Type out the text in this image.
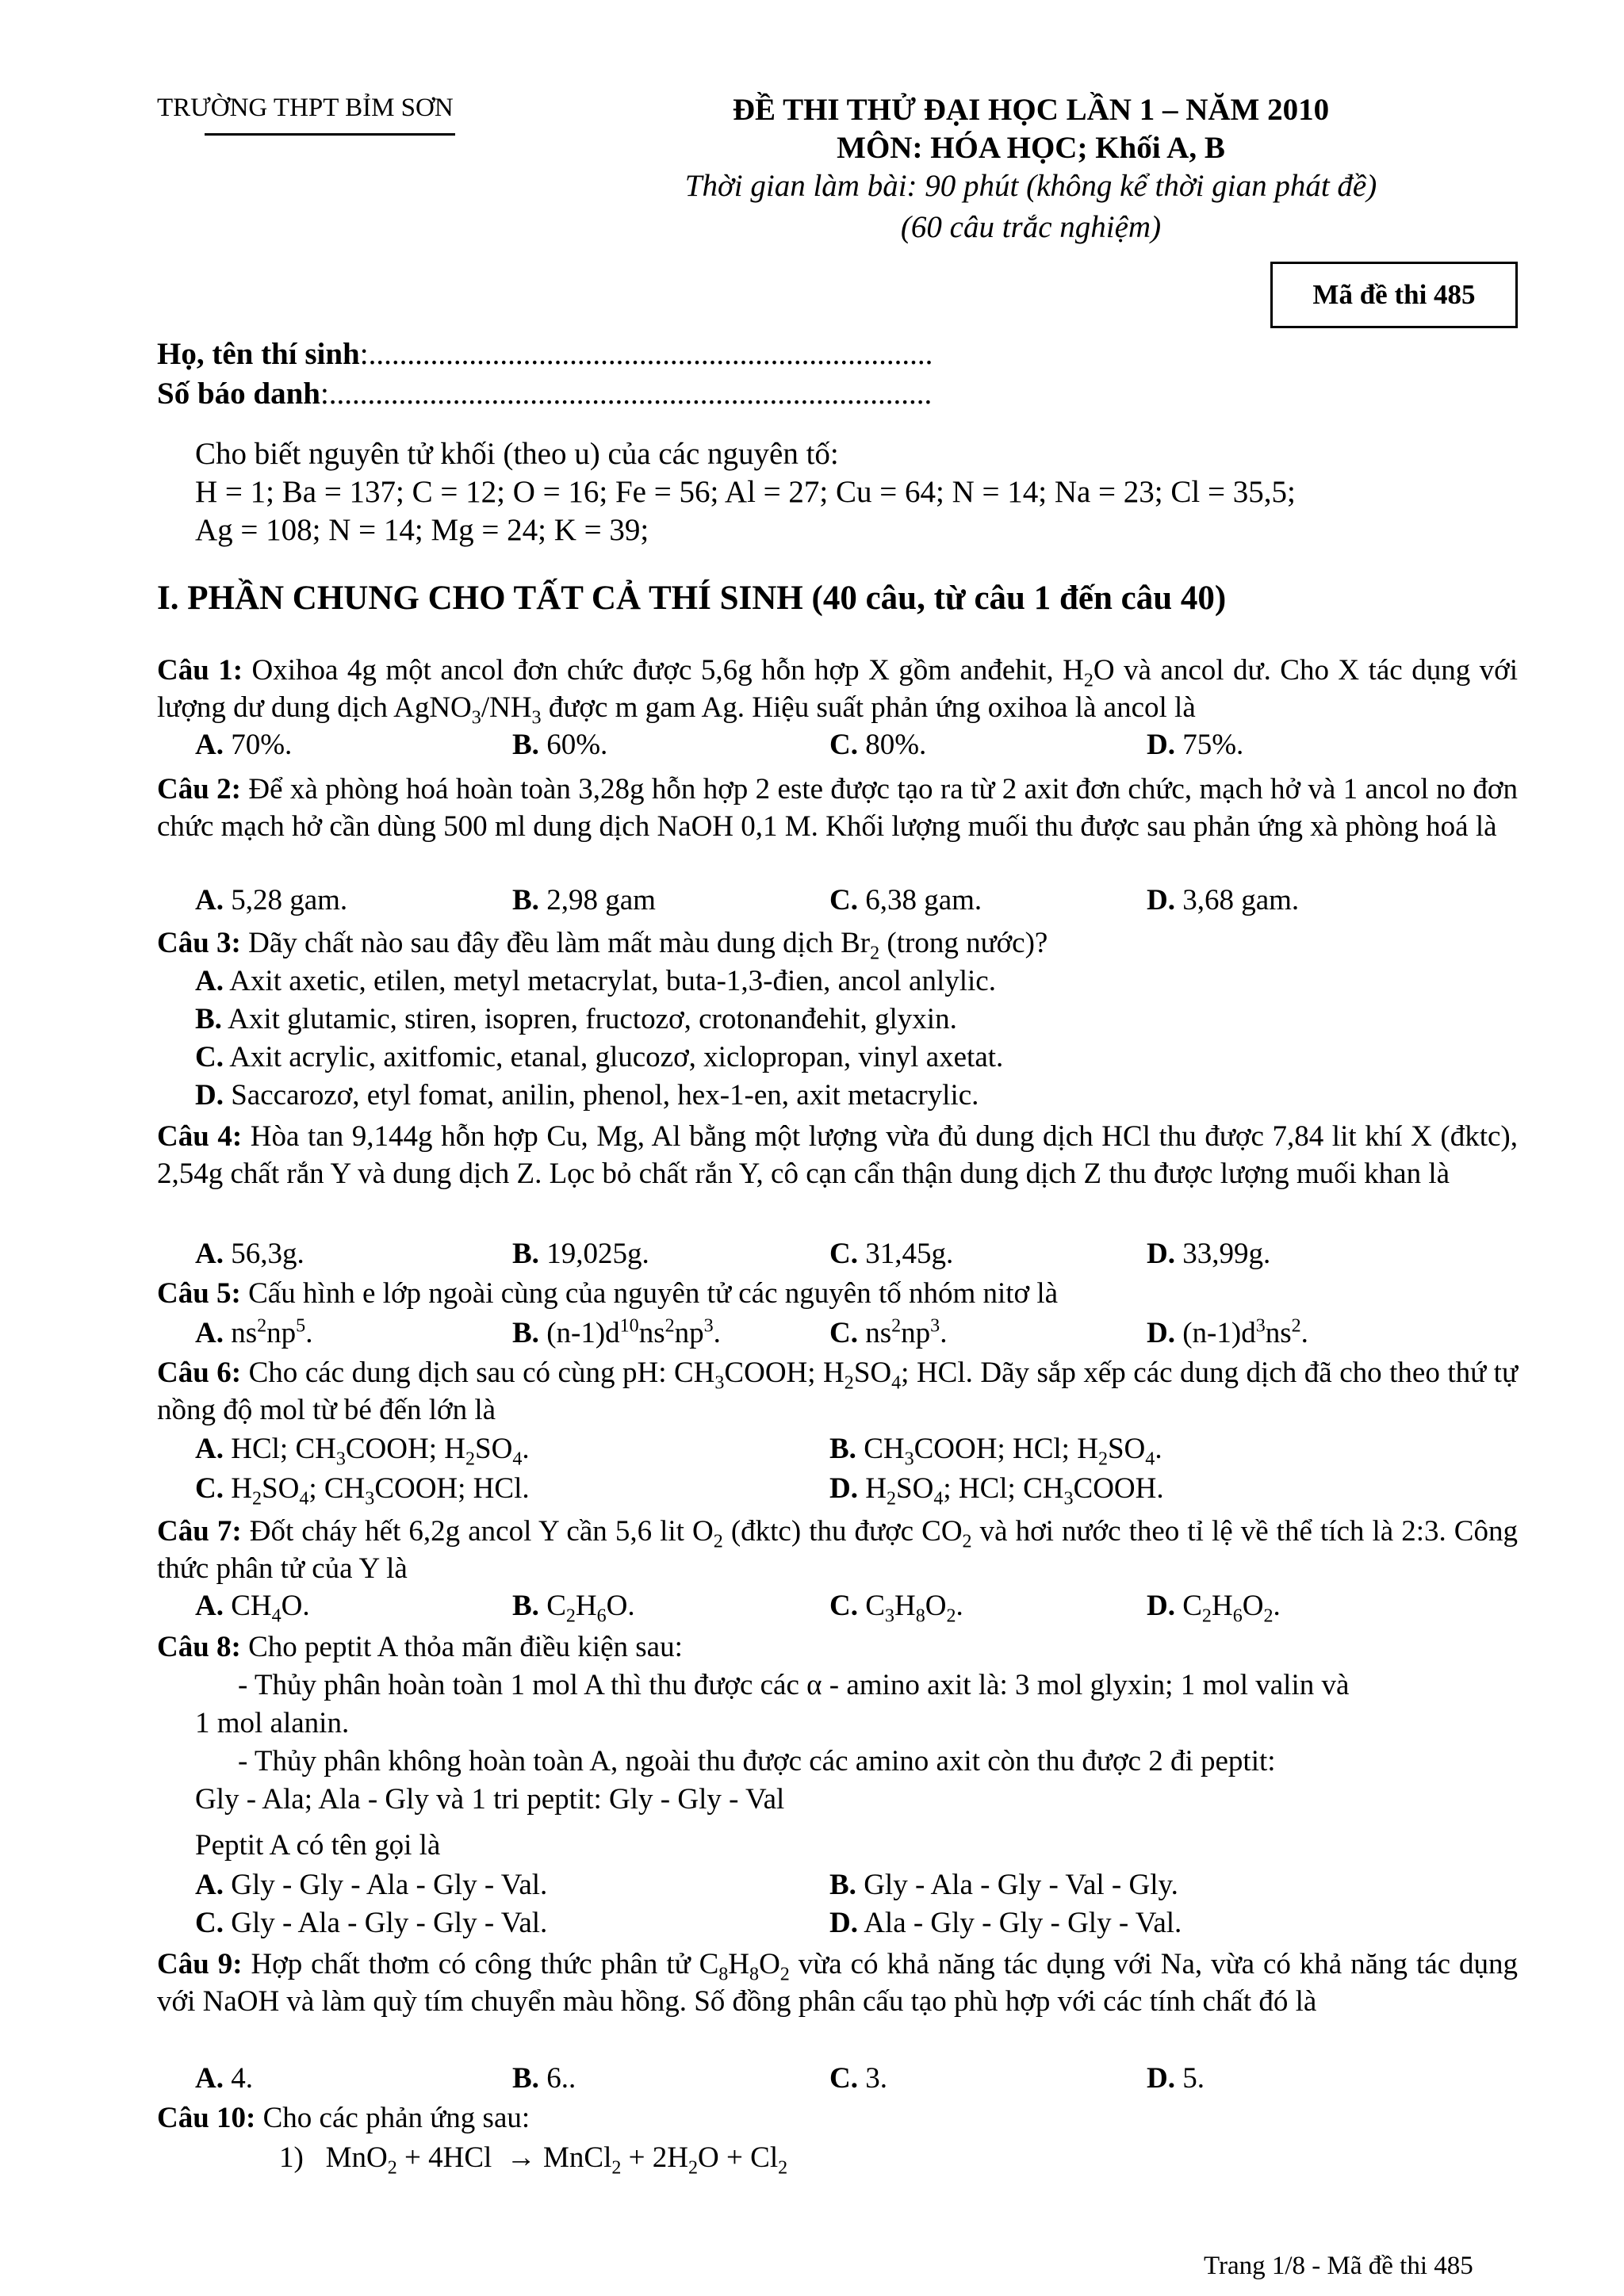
TRƯỜNG THPT BỈM SƠN	ĐỀ THI THỬ ĐẠI HỌC LẦN 1 – NĂM 2010
MÔN: HÓA HỌC; Khối A, B
Thời gian làm bài: 90 phút (không kể thời gian phát đề)
(60 câu trắc nghiệm)
Mã đề thi 485
Họ, tên thí sinh:.........................................................................
Số báo danh:..............................................................................
Cho biết nguyên tử khối (theo u) của các nguyên tố:
H = 1; Ba = 137; C = 12; O = 16; Fe = 56; Al = 27; Cu = 64; N = 14; Na = 23; Cl = 35,5;
Ag = 108; N = 14; Mg = 24; K = 39;
I. PHẦN CHUNG CHO TẤT CẢ THÍ SINH (40 câu, từ câu 1 đến câu 40)
Câu 1: Oxihoa 4g một ancol đơn chức được 5,6g hỗn hợp X gồm anđehit, $H_2O$ và ancol dư. Cho X tác dụng với lượng dư dung dịch $AgNO_3/NH_3$ được m gam Ag. Hiệu suất phản ứng oxihoa là ancol là
A. 70%.	B. 60%.	C. 80%.	D. 75%.
Câu 2: Để xà phòng hoá hoàn toàn 3,28g hỗn hợp 2 este được tạo ra từ 2 axit đơn chức, mạch hở và 1 ancol no đơn chức mạch hở cần dùng 500 ml dung dịch NaOH 0,1 M. Khối lượng muối thu được sau phản ứng xà phòng hoá là
A. 5,28 gam.	B. 2,98 gam	C. 6,38 gam.	D. 3,68 gam.
Câu 3: Dãy chất nào sau đây đều làm mất màu dung dịch $Br_2$ (trong nước)?
A. Axit axetic, etilen, metyl metacrylat, buta-1,3-đien, ancol anlylic.
B. Axit glutamic, stiren, isopren, fructozơ, crotonanđehit, glyxin.
C. Axit acrylic, axitfomic, etanal, glucozơ, xiclopropan, vinyl axetat.
D. Saccarozơ, etyl fomat, anilin, phenol, hex-1-en, axit metacrylic.
Câu 4: Hòa tan 9,144g hỗn hợp Cu, Mg, Al bằng một lượng vừa đủ dung dịch HCl thu được 7,84 lit khí X (đktc), 2,54g chất rắn Y và dung dịch Z. Lọc bỏ chất rắn Y, cô cạn cẩn thận dung dịch Z thu được lượng muối khan là
A. 56,3g.	B. 19,025g.	C. 31,45g.	D. 33,99g.
Câu 5: Cấu hình e lớp ngoài cùng của nguyên tử các nguyên tố nhóm nitơ là
A. $ns^2np^5$.	B. $(n-1)d^{10}ns^2np^3$.	C. $ns^2np^3$.	D. $(n-1)d^3ns^2$.
Câu 6: Cho các dung dịch sau có cùng pH: $CH_3COOH$; $H_2SO_4$; HCl. Dãy sắp xếp các dung dịch đã cho theo thứ tự nồng độ mol từ bé đến lớn là
A. HCl; $CH_3COOH$; $H_2SO_4$.	B. $CH_3COOH$; HCl; $H_2SO_4$.
C. $H_2SO_4$; $CH_3COOH$; HCl.	D. $H_2SO_4$; HCl; $CH_3COOH$.
Câu 7: Đốt cháy hết 6,2g ancol Y cần 5,6 lit $O_2$ (đktc) thu được $CO_2$ và hơi nước theo tỉ lệ về thể tích là 2:3. Công thức phân tử của Y là
A. $CH_4O$.	B. $C_2H_6O$.	C. $C_3H_8O_2$.	D. $C_2H_6O_2$.
Câu 8: Cho peptit A thỏa mãn điều kiện sau:
- Thủy phân hoàn toàn 1 mol A thì thu được các α - amino axit là: 3 mol glyxin; 1 mol valin và
1 mol alanin.
- Thủy phân không hoàn toàn A, ngoài thu được các amino axit còn thu được 2 đi peptit:
Gly - Ala; Ala - Gly và 1 tri peptit: Gly - Gly - Val
Peptit A có tên gọi là
A. Gly - Gly - Ala - Gly - Val.	B. Gly - Ala - Gly - Val - Gly.
C. Gly - Ala - Gly - Gly - Val.	D. Ala - Gly - Gly - Gly - Val.
Câu 9: Hợp chất thơm có công thức phân tử $C_8H_8O_2$ vừa có khả năng tác dụng với Na, vừa có khả năng tác dụng với NaOH và làm quỳ tím chuyển màu hồng. Số đồng phân cấu tạo phù hợp với các tính chất đó là
A. 4.	B. 6..	C. 3.	D. 5.
Câu 10: Cho các phản ứng sau:
1)   MnO$_2$ + 4HCl  → MnCl$_2$ + $2H_2O + Cl_2$
Trang 1/8 - Mã đề thi 485
